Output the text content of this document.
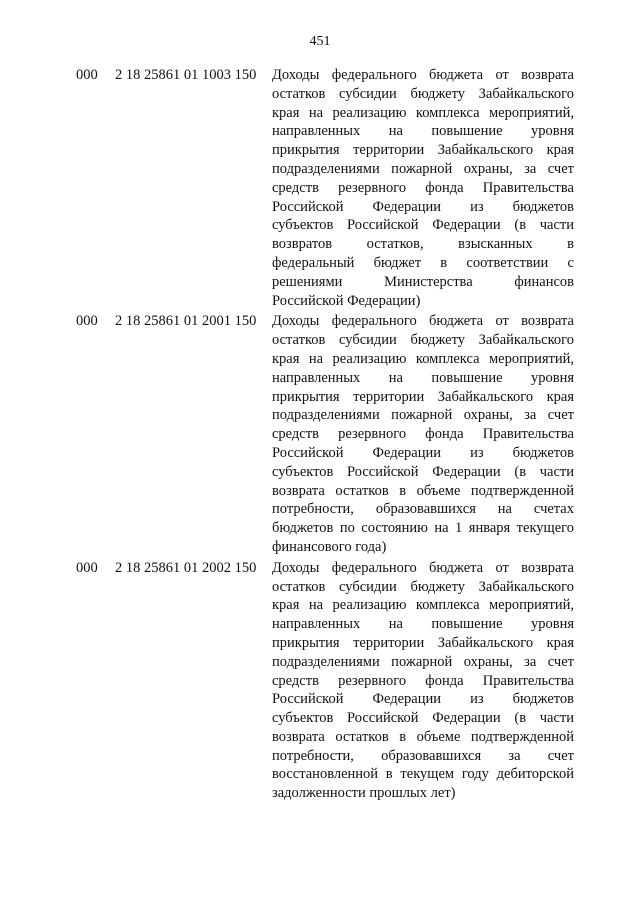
451
000	2 18 25861 01 1003 150	Доходы федерального бюджета от возврата
остатков субсидии бюджету Забайкальского
края на реализацию комплекса мероприятий,
направленных на повышение уровня
прикрытия территории Забайкальского края
подразделениями пожарной охраны, за счет
средств резервного фонда Правительства
Российской Федерации из бюджетов
субъектов Российской Федерации (в части
возвратов остатков, взысканных в
федеральный бюджет в соответствии с
решениями Министерства финансов
Российской Федерации)
000	2 18 25861 01 2001 150	Доходы федерального бюджета от возврата
остатков субсидии бюджету Забайкальского
края на реализацию комплекса мероприятий,
направленных на повышение уровня
прикрытия территории Забайкальского края
подразделениями пожарной охраны, за счет
средств резервного фонда Правительства
Российской Федерации из бюджетов
субъектов Российской Федерации (в части
возврата остатков в объеме подтвержденной
потребности, образовавшихся на счетах
бюджетов по состоянию на 1 января текущего
финансового года)
000	2 18 25861 01 2002 150	Доходы федерального бюджета от возврата
остатков субсидии бюджету Забайкальского
края на реализацию комплекса мероприятий,
направленных на повышение уровня
прикрытия территории Забайкальского края
подразделениями пожарной охраны, за счет
средств резервного фонда Правительства
Российской Федерации из бюджетов
субъектов Российской Федерации (в части
возврата остатков в объеме подтвержденной
потребности, образовавшихся за счет
восстановленной в текущем году дебиторской
задолженности прошлых лет)
